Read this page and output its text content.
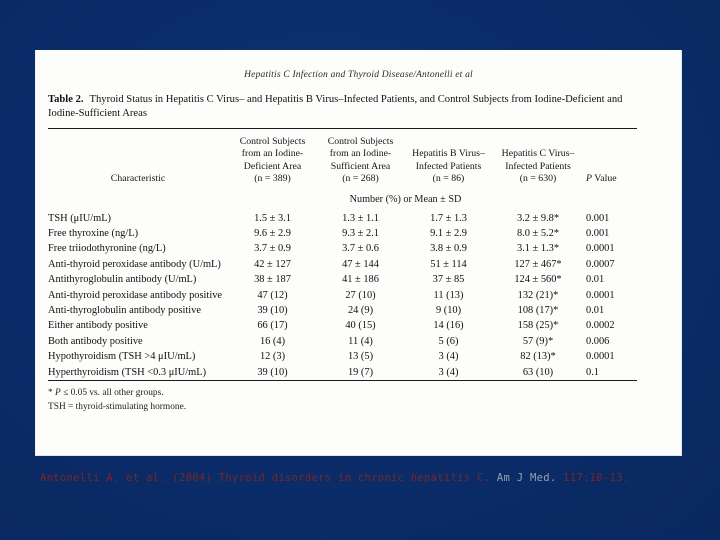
Hepatitis C Infection and Thyroid Disease/Antonelli et al
Table 2. Thyroid Status in Hepatitis C Virus– and Hepatitis B Virus–Infected Patients, and Control Subjects from Iodine-Deficient and Iodine-Sufficient Areas
Characteristic	Control Subjects
from an Iodine-
Deficient Area
(n = 389)	Control Subjects
from an Iodine-
Sufficient Area
(n = 268)	Hepatitis B Virus–
Infected Patients
(n = 86)	Hepatitis C Virus–
Infected Patients
(n = 630)	P Value

	Number (%) or Mean ± SD				
TSH (μIU/mL)	1.5 ± 3.1	1.3 ± 1.1	1.7 ± 1.3	3.2 ± 9.8*	0.001
Free thyroxine (ng/L)	9.6 ± 2.9	9.3 ± 2.1	9.1 ± 2.9	8.0 ± 5.2*	0.001
Free triiodothyronine (ng/L)	3.7 ± 0.9	3.7 ± 0.6	3.8 ± 0.9	3.1 ± 1.3*	0.0001
Anti-thyroid peroxidase antibody (U/mL)	42 ± 127	47 ± 144	51 ± 114	127 ± 467*	0.0007
Antithyroglobulin antibody (U/mL)	38 ± 187	41 ± 186	37 ± 85	124 ± 560*	0.01
Anti-thyroid peroxidase antibody positive	47 (12)	27 (10)	11 (13)	132 (21)*	0.0001
Anti-thyroglobulin antibody positive	39 (10)	24 (9)	9 (10)	108 (17)*	0.01
Either antibody positive	66 (17)	40 (15)	14 (16)	158 (25)*	0.0002
Both antibody positive	16 (4)	11 (4)	5 (6)	57 (9)*	0.006
Hypothyroidism (TSH >4 μIU/mL)	12 (3)	13 (5)	3 (4)	82 (13)*	0.0001
Hyperthyroidism (TSH <0.3 μIU/mL)	39 (10)	19 (7)	3 (4)	63 (10)	0.1
* P ≤ 0.05 vs. all other groups.
TSH = thyroid-stimulating hormone.
Antonelli A. et al. (2004) Thyroid disorders in chronic hepatitis C. Am J Med. 117:10-13.
